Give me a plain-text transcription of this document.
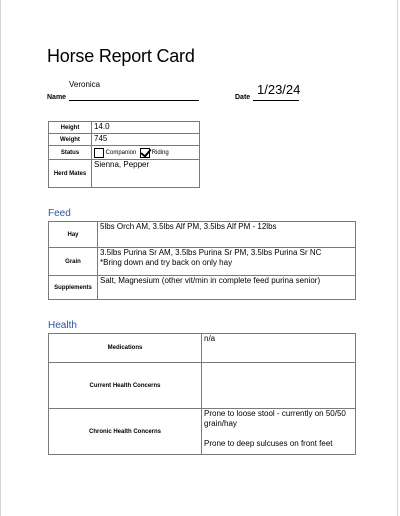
Horse Report Card
Name
Veronica
Date
1/23/24
Height	14.0
Weight	745
Status	Companion Riding
Herd Mates	Sienna, Pepper
Feed
Hay	5lbs Orch AM, 3.5lbs Alf PM, 3.5lbs Alf PM - 12lbs
Grain	3.5lbs Purina Sr AM, 3.5lbs Purina Sr PM, 3.5lbs Purina Sr NC
*Bring down and try back on only hay

Supplements	Salt, Magnesium (other vit/min in complete feed purina senior)
Health
Medications	n/a
Current Health Concerns	
Chronic Health Concerns	Prone to loose stool - currently on 50/50 grain/hay
Prone to deep sulcuses on front feet
